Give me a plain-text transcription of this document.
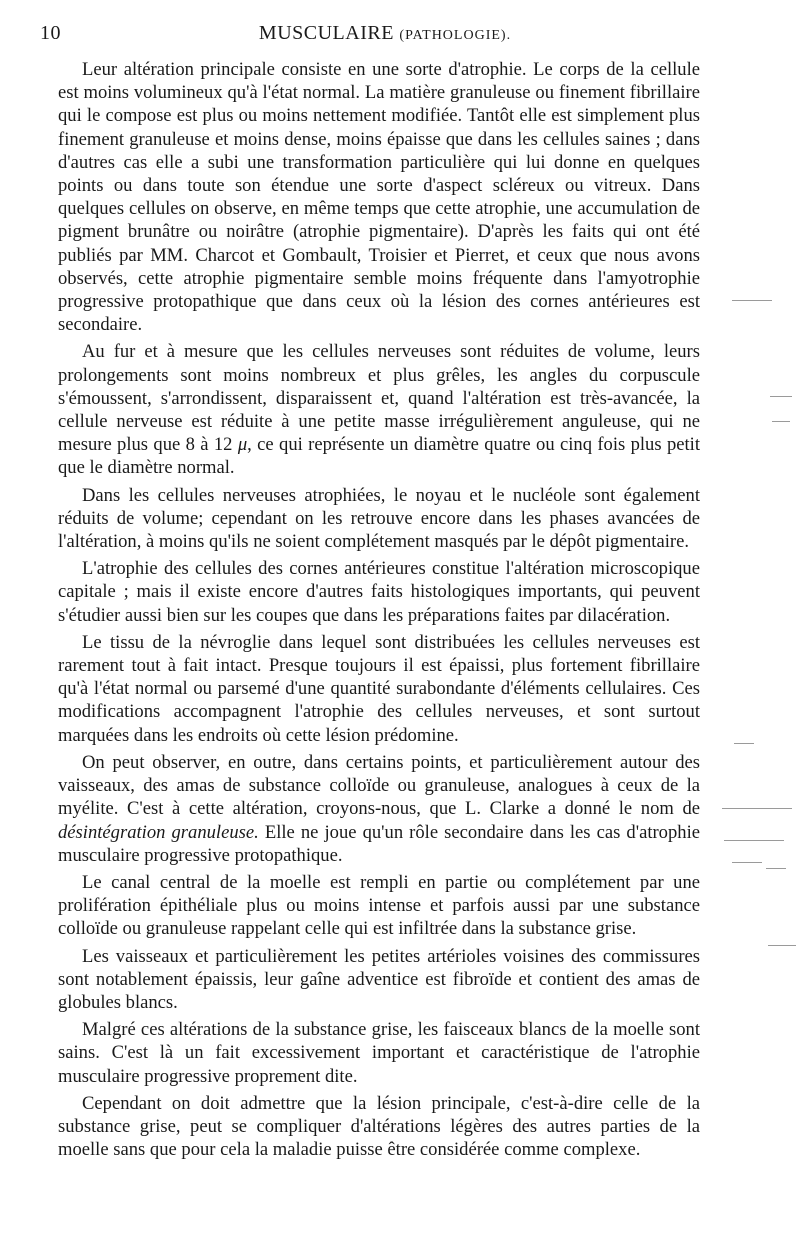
10	MUSCULAIRE (PATHOLOGIE).

Leur altération principale consiste en une sorte d'atrophie. Le corps de la cellule est moins volumineux qu'à l'état normal. La matière granuleuse ou finement fibrillaire qui le compose est plus ou moins nettement modifiée. Tantôt elle est simplement plus finement granuleuse et moins dense, moins épaisse que dans les cellules saines ; dans d'autres cas elle a subi une transformation particulière qui lui donne en quelques points ou dans toute son étendue une sorte d'aspect scléreux ou vitreux. Dans quelques cellules on observe, en même temps que cette atrophie, une accumulation de pigment brunâtre ou noirâtre (atrophie pigmentaire). D'après les faits qui ont été publiés par MM. Charcot et Gombault, Troisier et Pierret, et ceux que nous avons observés, cette atrophie pigmentaire semble moins fréquente dans l'amyotrophie progressive protopathique que dans ceux où la lésion des cornes antérieures est secondaire.

Au fur et à mesure que les cellules nerveuses sont réduites de volume, leurs prolongements sont moins nombreux et plus grêles, les angles du corpuscule s'émoussent, s'arrondissent, disparaissent et, quand l'altération est très-avancée, la cellule nerveuse est réduite à une petite masse irrégulièrement anguleuse, qui ne mesure plus que 8 à 12 μ, ce qui représente un diamètre quatre ou cinq fois plus petit que le diamètre normal.

Dans les cellules nerveuses atrophiées, le noyau et le nucléole sont également réduits de volume; cependant on les retrouve encore dans les phases avancées de l'altération, à moins qu'ils ne soient complétement masqués par le dépôt pigmentaire.

L'atrophie des cellules des cornes antérieures constitue l'altération microscopique capitale ; mais il existe encore d'autres faits histologiques importants, qui peuvent s'étudier aussi bien sur les coupes que dans les préparations faites par dilacération.

Le tissu de la névroglie dans lequel sont distribuées les cellules nerveuses est rarement tout à fait intact. Presque toujours il est épaissi, plus fortement fibrillaire qu'à l'état normal ou parsemé d'une quantité surabondante d'éléments cellulaires. Ces modifications accompagnent l'atrophie des cellules nerveuses, et sont surtout marquées dans les endroits où cette lésion prédomine.

On peut observer, en outre, dans certains points, et particulièrement autour des vaisseaux, des amas de substance colloïde ou granuleuse, analogues à ceux de la myélite. C'est à cette altération, croyons-nous, que L. Clarke a donné le nom de désintégration granuleuse. Elle ne joue qu'un rôle secondaire dans les cas d'atrophie musculaire progressive protopathique.

Le canal central de la moelle est rempli en partie ou complétement par une prolifération épithéliale plus ou moins intense et parfois aussi par une substance colloïde ou granuleuse rappelant celle qui est infiltrée dans la substance grise.

Les vaisseaux et particulièrement les petites artérioles voisines des commissures sont notablement épaissis, leur gaîne adventice est fibroïde et contient des amas de globules blancs.

Malgré ces altérations de la substance grise, les faisceaux blancs de la moelle sont sains. C'est là un fait excessivement important et caractéristique de l'atrophie musculaire progressive proprement dite.

Cependant on doit admettre que la lésion principale, c'est-à-dire celle de la substance grise, peut se compliquer d'altérations légères des autres parties de la moelle sans que pour cela la maladie puisse être considérée comme complexe.
